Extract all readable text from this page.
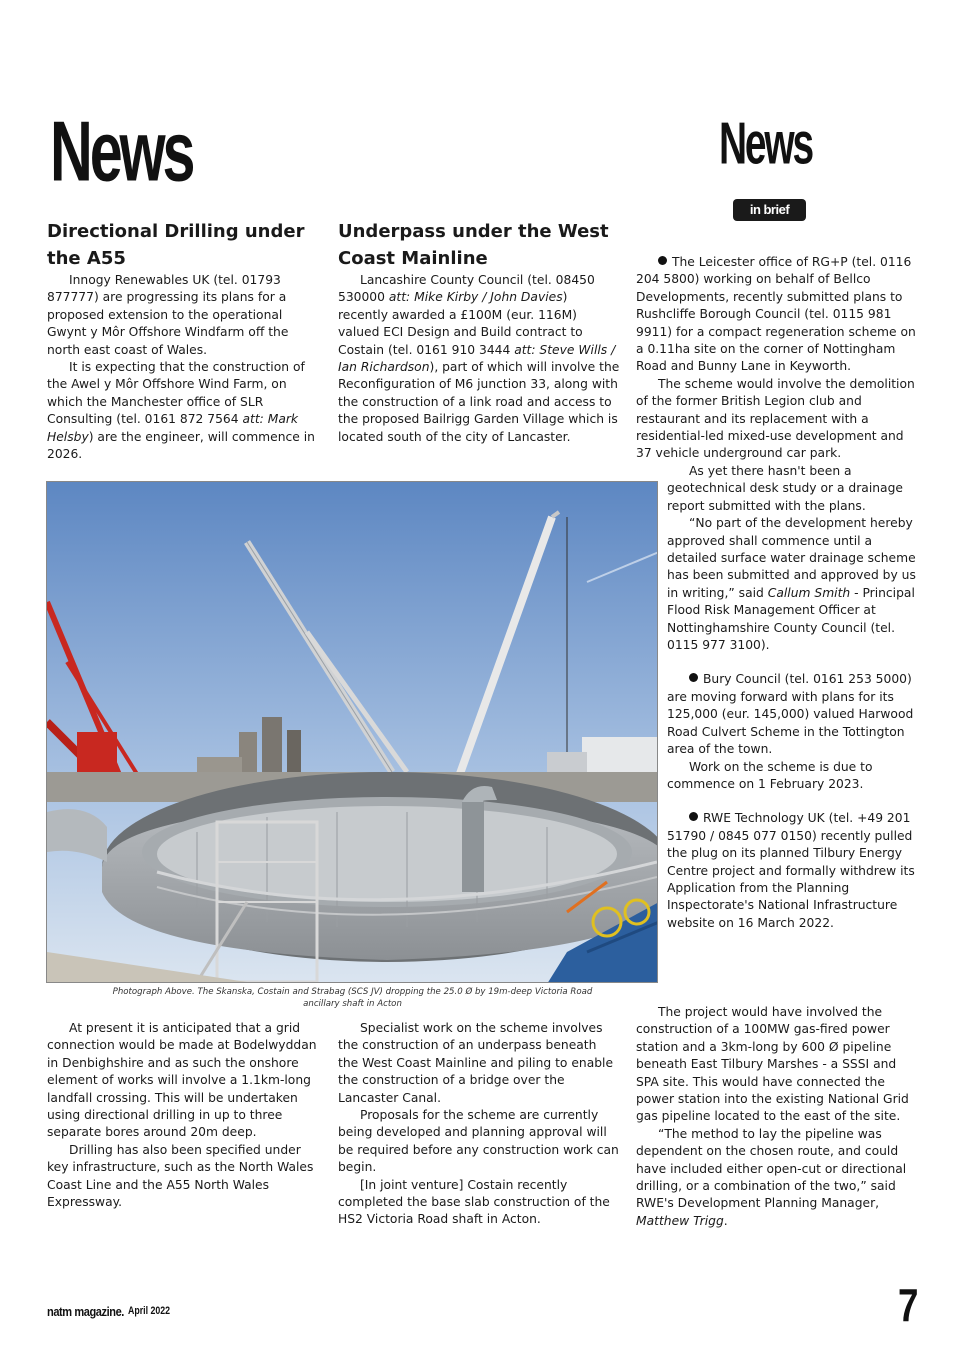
News	News
in brief
Directional Drilling under the A55
Underpass under the West Coast Mainline

Innogy Renewables UK (tel. 01793 877777) are progressing its plans for a proposed extension to the operational Gwynt y Môr Offshore Windfarm off the north east coast of Wales.

It is expecting that the construction of the Awel y Môr Offshore Wind Farm, on which the Manchester office of SLR Consulting (tel. 0161 872 7564 att: Mark Helsby) are the engineer, will commence in 2026.

Lancashire County Council (tel. 08450 530000 att: Mike Kirby / John Davies) recently awarded a £100M (eur. 116M) valued ECI Design and Build contract to Costain (tel. 0161 910 3444 att: Steve Wills / Ian Richardson), part of which will involve the Reconfiguration of M6 junction 33, along with the construction of a link road and access to the proposed Bailrigg Garden Village which is located south of the city of Lancaster.

The Leicester office of RG+P (tel. 0116 204 5800) working on behalf of Bellco Developments, recently submitted plans to Rushcliffe Borough Council (tel. 0115 981 9911) for a compact regeneration scheme on a 0.11ha site on the corner of Nottingham Road and Bunny Lane in Keyworth.

The scheme would involve the demolition of the former British Legion club and restaurant and its replacement with a residential-led mixed-use development and 37 vehicle underground car park.

As yet there hasn't been a geotechnical desk study or a drainage report submitted with the plans.

“No part of the development hereby approved shall commence until a detailed surface water drainage scheme has been submitted and approved by us in writing,” said Callum Smith - Principal Flood Risk Management Officer at Nottinghamshire County Council (tel. 0115 977 3100).

Bury Council (tel. 0161 253 5000) are moving forward with plans for its 125,000 (eur. 145,000) valued Harwood Road Culvert Scheme in the Tottington area of the town.

Work on the scheme is due to commence on 1 February 2023.

RWE Technology UK (tel. +49 201 51790 / 0845 077 0150) recently pulled the plug on its planned Tilbury Energy Centre project and formally withdrew its Application from the Planning Inspectorate's National Infrastructure website on 16 March 2022.

The project would have involved the construction of a 100MW gas-fired power station and a 3km-long by 600 Ø pipeline beneath East Tilbury Marshes - a SSSI and SPA site. This would have connected the power station into the existing National Grid gas pipeline located to the east of the site.

“The method to lay the pipeline was dependent on the chosen route, and could have included either open-cut or directional drilling, or a combination of the two,” said RWE's Development Planning Manager, Matthew Trigg.

Photograph Above. The Skanska, Costain and Strabag (SCS JV) dropping the 25.0 Ø by 19m-deep Victoria Road ancillary shaft in Acton

At present it is anticipated that a grid connection would be made at Bodelwyddan in Denbighshire and as such the onshore element of works will involve a 1.1km-long landfall crossing. This will be undertaken using directional drilling in up to three separate bores around 20m deep.

Drilling has also been specified under key infrastructure, such as the North Wales Coast Line and the A55 North Wales Expressway.

Specialist work on the scheme involves the construction of an underpass beneath the West Coast Mainline and piling to enable the construction of a bridge over the Lancaster Canal.

Proposals for the scheme are currently being developed and planning approval will be required before any construction work can begin.

[In joint venture] Costain recently completed the base slab construction of the HS2 Victoria Road shaft in Acton.

natm magazine. April 2022	7
